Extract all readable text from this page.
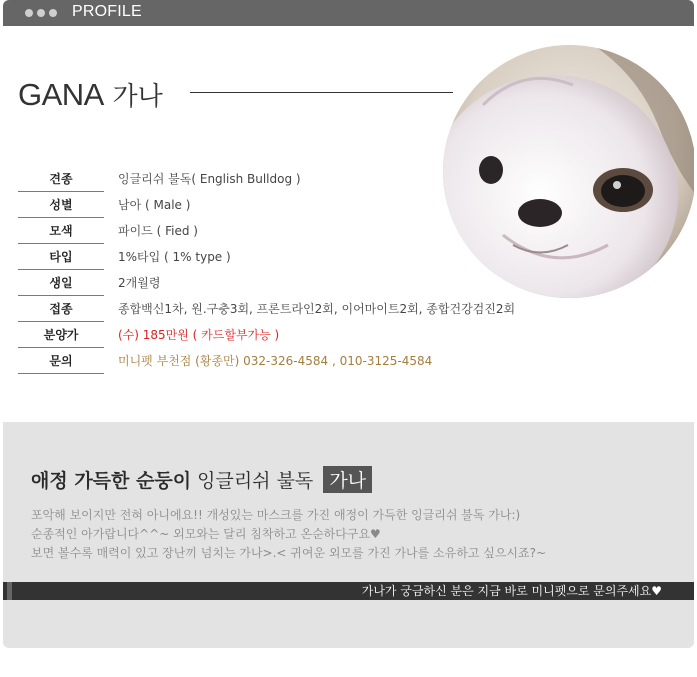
PROFILE
GANA 가나
견종	잉글리쉬 불독( English Bulldog )
성별	남아 ( Male )
모색	파이드 ( Fied )
타입	1%타입 ( 1% type )
생일	2개월령
접종	종합백신1차, 원.구충3회, 프론트라인2회, 이어마이트2회, 종합건강검진2회
분양가	(수) 185만원 ( 카드할부가능 )
문의	미니펫 부천점 (황종만) 032-326-4584 , 010-3125-4584
애정 가득한 순둥이 잉글리쉬 불독 가나
포악해 보이지만 전혀 아니에요!! 개성있는 마스크를 가진 애정이 가득한 잉글리쉬 불독 가나:)
순종적인 아가랍니다^^~ 외모와는 달리 침착하고 온순하다구요♥
보면 볼수록 매력이 있고 장난끼 넘치는 가나>.< 귀여운 외모를 가진 가나를 소유하고 싶으시죠?~
가나가 궁금하신 분은 지금 바로 미니펫으로 문의주세요♥
